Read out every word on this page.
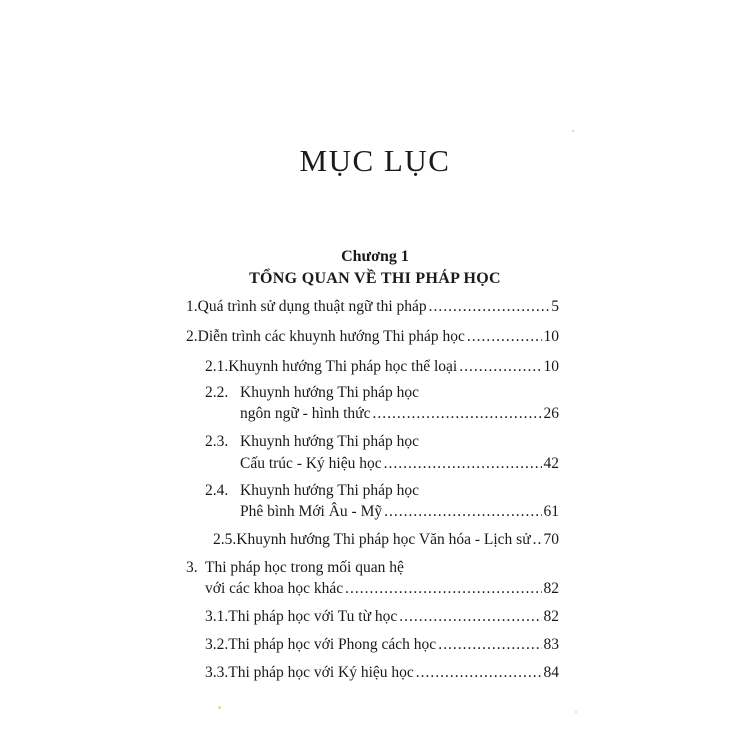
MỤC LỤC
Chương 1
TỔNG QUAN VỀ THI PHÁP HỌC
1. Quá trình sử dụng thuật ngữ thi pháp .....	5
2. Diễn trình các khuynh hướng Thi pháp học .....	10
2.1. Khuynh hướng Thi pháp học thể loại .....	10
2.2. Khuynh hướng Thi pháp học
ngôn ngữ - hình thức .....	26
2.3. Khuynh hướng Thi pháp học
Cấu trúc - Ký hiệu học .....	42
2.4. Khuynh hướng Thi pháp học
Phê bình Mới Âu - Mỹ .....	61
2.5. Khuynh hướng Thi pháp học Văn hóa - Lịch sử ..... 70
3. Thi pháp học trong mối quan hệ
với các khoa học khác .....	82
3.1. Thi pháp học với Tu từ học .....	82
3.2. Thi pháp học với Phong cách học .....	83
3.3. Thi pháp học với Ký hiệu học .....	84
